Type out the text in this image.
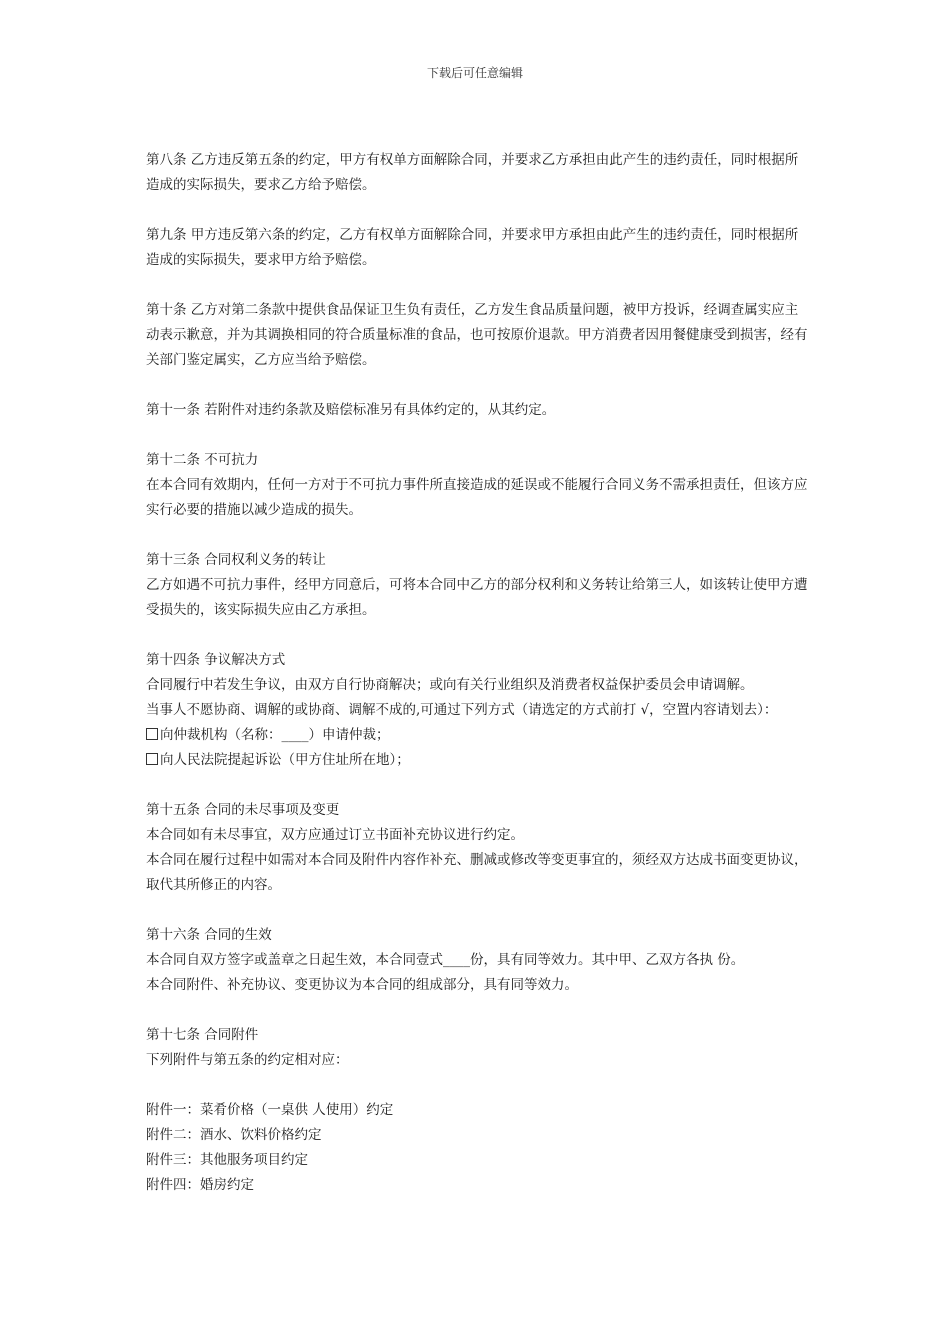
下载后可任意编辑

第八条 乙方违反第五条的约定，甲方有权单方面解除合同，并要求乙方承担由此产生的违约责任，同时根据所造成的实际损失，要求乙方给予赔偿。

第九条 甲方违反第六条的约定，乙方有权单方面解除合同，并要求甲方承担由此产生的违约责任，同时根据所造成的实际损失，要求甲方给予赔偿。

第十条 乙方对第二条款中提供食品保证卫生负有责任，乙方发生食品质量问题，被甲方投诉，经调查属实应主动表示歉意，并为其调换相同的符合质量标准的食品，也可按原价退款。甲方消费者因用餐健康受到损害，经有关部门鉴定属实，乙方应当给予赔偿。

第十一条 若附件对违约条款及赔偿标准另有具体约定的，从其约定。

第十二条 不可抗力

在本合同有效期内，任何一方对于不可抗力事件所直接造成的延误或不能履行合同义务不需承担责任，但该方应实行必要的措施以减少造成的损失。

第十三条 合同权利义务的转让

乙方如遇不可抗力事件，经甲方同意后，可将本合同中乙方的部分权利和义务转让给第三人，如该转让使甲方遭受损失的，该实际损失应由乙方承担。

第十四条 争议解决方式

合同履行中若发生争议，由双方自行协商解决；或向有关行业组织及消费者权益保护委员会申请调解。

当事人不愿协商、调解的或协商、调解不成的,可通过下列方式（请选定的方式前打 √，空置内容请划去）：

向仲裁机构（名称：____）申请仲裁；

向人民法院提起诉讼（甲方住址所在地）；

第十五条 合同的未尽事项及变更

本合同如有未尽事宜，双方应通过订立书面补充协议进行约定。

本合同在履行过程中如需对本合同及附件内容作补充、删减或修改等变更事宜的，须经双方达成书面变更协议，取代其所修正的内容。

第十六条 合同的生效

本合同自双方签字或盖章之日起生效，本合同壹式____份，具有同等效力。其中甲、乙双方各执 份。

本合同附件、补充协议、变更协议为本合同的组成部分，具有同等效力。

第十七条 合同附件

下列附件与第五条的约定相对应：

附件一：菜肴价格（一桌供 人使用）约定

附件二：酒水、饮料价格约定

附件三：其他服务项目约定

附件四：婚房约定
